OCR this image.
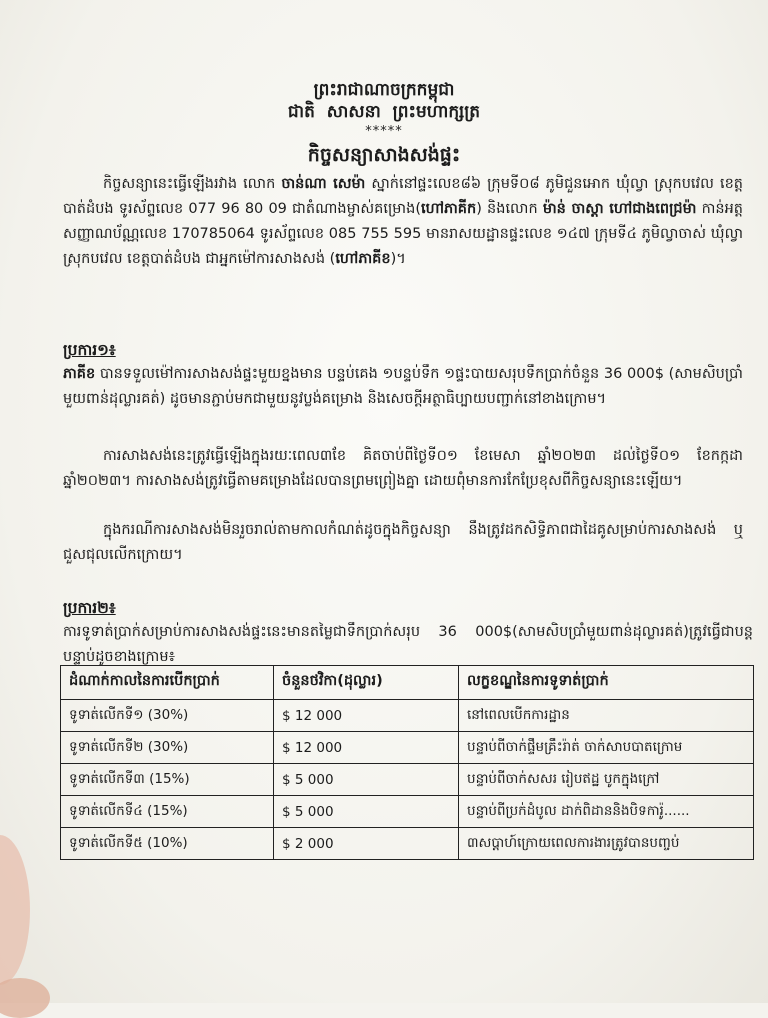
ព្រះរាជាណាចក្រកម្ពុជា
ជាតិ សាសនា ព្រះមហាក្សត្រ
*****
កិច្ចសន្យាសាងសង់ផ្ទះ
កិច្ចសន្យានេះធ្វើឡើងរវាង លោក ចាន់ណា សេម៉ា ស្នាក់នៅផ្ទះលេខ៨៦ ក្រុមទី០៨ ភូមិជួនអោក ឃុំល្វា ស្រុកបវេល ខេត្តបាត់ដំបង ទូរស័ព្ទលេខ 077 96 80 09 ជាតំណាងម្ចាស់គម្រោង(ហៅភាគីក) និងលោក ម៉ាន់ ចាស្តា ហៅជាងពេជ្រម៉ា កាន់អត្តសញ្ញាណប័ណ្ណលេខ 170785064 ទូរស័ព្ទលេខ 085 755 595 មានរាសយដ្ឋានផ្ទះលេខ ១៤៧ ក្រុមទី៤ ភូមិល្វាចាស់ ឃុំល្វា ស្រុកបវេល ខេត្តបាត់ដំបង ជាអ្នកម៉ៅការសាងសង់ (ហៅភាគីខ)។
ប្រការ១៖
ភាគីខ បានទទួលម៉ៅការសាងសង់ផ្ទះមួយខ្នងមាន បន្ទប់គេង ១បន្ទប់ទឹក ១ផ្ទះបាយសរុបទឹកប្រាក់ចំនួន 36 000$ (សាមសិបប្រាំមួយពាន់ដុល្លារគត់) ដូចមានភ្ជាប់មកជាមួយនូវប្លង់គម្រោង និងសេចក្តីអត្ថាធិប្បាយបញ្ជាក់នៅខាងក្រោម។
ការសាងសង់នេះត្រូវធ្វើឡើងក្នុងរយៈពេល៣ខែ គិតចាប់ពីថ្ងៃទី០១ ខែមេសា ឆ្នាំ២០២៣ ដល់ថ្ងៃទី០១ ខែកក្កដា ឆ្នាំ២០២៣។ ការសាងសង់ត្រូវធ្វើតាមគម្រោងដែលបានព្រមព្រៀងគ្នា ដោយពុំមានការកែប្រែខុសពីកិច្ចសន្យានេះឡើយ។
ក្នុងករណីការសាងសង់មិនរួចរាល់តាមកាលកំណត់ដូចក្នុងកិច្ចសន្យា នឹងត្រូវដកសិទ្ធិភាពជាដៃគូសម្រាប់ការសាងសង់ ឬជួសជុលលើកក្រោយ។
ប្រការ២៖
ការទូទាត់ប្រាក់សម្រាប់ការសាងសង់ផ្ទះនេះមានតម្លៃជាទឹកប្រាក់សរុប 36 000$(សាមសិបប្រាំមួយពាន់ដុល្លារគត់)ត្រូវធ្វើជាបន្តបន្ទាប់ដូចខាងក្រោម៖
ដំណាក់កាលនៃការបើកប្រាក់	ចំនួនថវិកា(ដុល្លារ)	លក្ខខណ្ឌនៃការទូទាត់ប្រាក់
ទូទាត់លើកទី១ (30%)	$ 12 000	នៅពេលបើកការដ្ឋាន
ទូទាត់លើកទី២ (30%)	$ 12 000	បន្ទាប់ពីចាក់ផ្ទឹមគ្រឹះរ៉ាត់ ចាក់សាបបាតក្រោម
ទូទាត់លើកទី៣ (15%)	$ 5 000	បន្ទាប់ពីចាក់សសរ រៀបឥដ្ឋ បូកក្នុងក្រៅ
ទូទាត់លើកទី៤ (15%)	$ 5 000	បន្ទាប់ពីប្រក់ដំបូល ដាក់ពិដាននិងបិទការ៉ូ......
ទូទាត់លើកទី៥ (10%)	$ 2 000	៣សប្តាហ៍ក្រោយពេលការងារត្រូវបានបញ្ចប់
